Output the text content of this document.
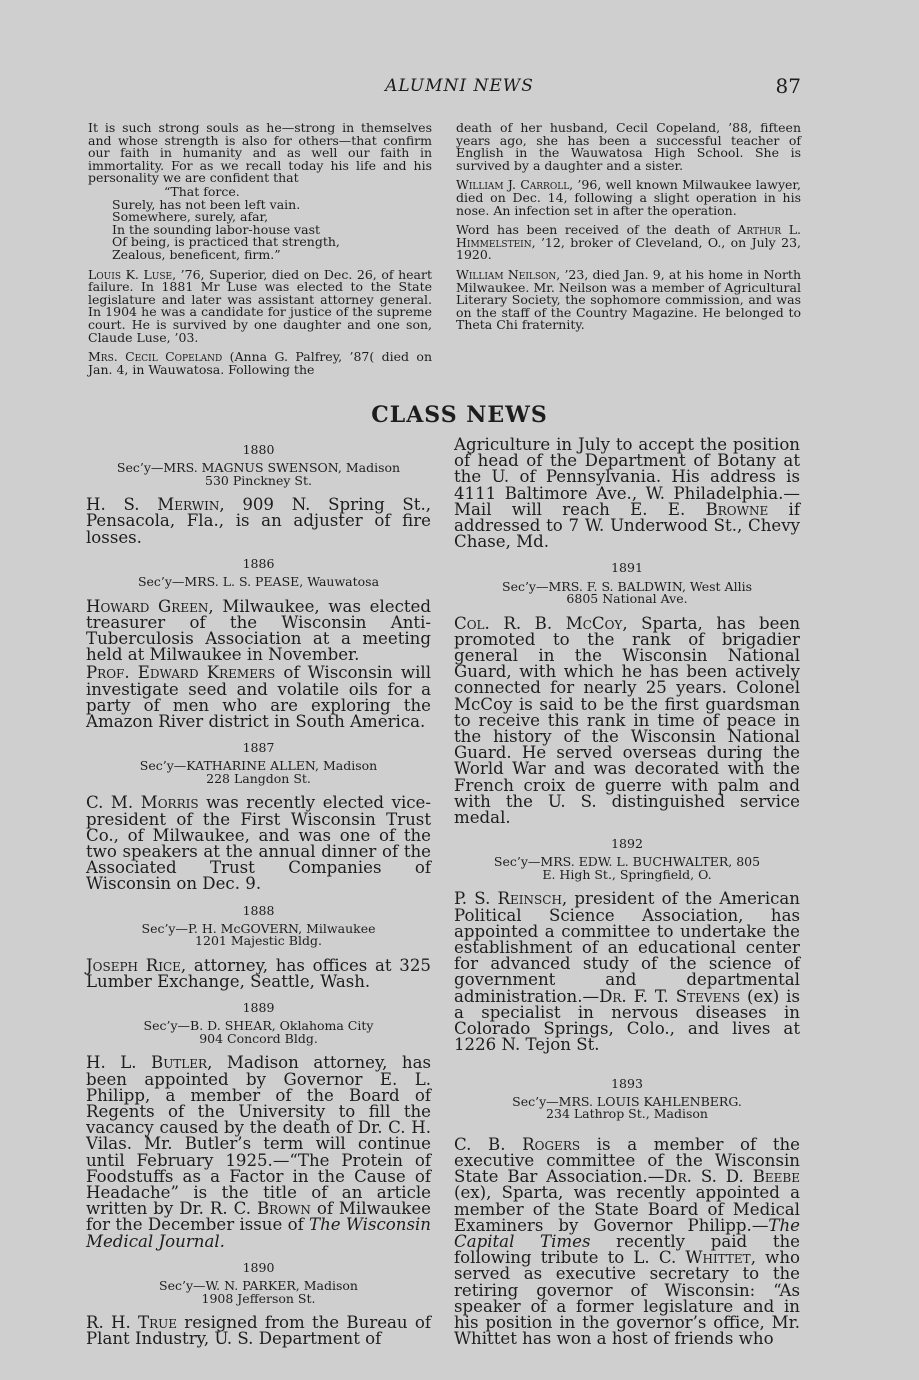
ALUMNI NEWS	87

It is such strong souls as he—strong in themselves and whose strength is also for others—that confirm our faith in humanity and as well our faith in immortality. For as we recall today his life and his personality we are confident that

“That force.
Surely, has not been left vain.
Somewhere, surely, afar,
In the sounding labor-house vast
Of being, is practiced that strength,
Zealous, beneficent, firm.”

Louis K. Luse, ’76, Superior, died on Dec. 26, of heart failure. In 1881 Mr Luse was elected to the State legislature and later was assistant attorney general. In 1904 he was a candidate for justice of the supreme court. He is survived by one daughter and one son, Claude Luse, ’03.

Mrs. Cecil Copeland (Anna G. Palfrey, ’87( died on Jan. 4, in Wauwatosa. Following the

death of her husband, Cecil Copeland, ’88, fifteen years ago, she has been a successful teacher of English in the Wauwatosa High School. She is survived by a daughter and a sister.

William J. Carroll, ’96, well known Milwaukee lawyer, died on Dec. 14, following a slight operation in his nose. An infection set in after the operation.

Word has been received of the death of Arthur L. Himmelstein, ’12, broker of Cleveland, O., on July 23, 1920.

William Neilson, ’23, died Jan. 9, at his home in North Milwaukee. Mr. Neilson was a member of Agricultural Literary Society, the sophomore commission, and was on the staff of the Country Magazine. He belonged to Theta Chi fraternity.

CLASS NEWS
1880
Sec’y—MRS. MAGNUS SWENSON, Madison
530 Pinckney St.

H. S. Merwin, 909 N. Spring St., Pensacola, Fla., is an adjuster of fire losses.

1886
Sec’y—MRS. L. S. PEASE, Wauwatosa

Howard Green, Milwaukee, was elected treasurer of the Wisconsin Anti-Tuberculosis Association at a meeting held at Milwaukee in November.

Prof. Edward Kremers of Wisconsin will investigate seed and volatile oils for a party of men who are exploring the Amazon River district in South America.

1887
Sec’y—KATHARINE ALLEN, Madison
228 Langdon St.

C. M. Morris was recently elected vice-president of the First Wisconsin Trust Co., of Milwaukee, and was one of the two speakers at the annual dinner of the Associated Trust Companies of Wisconsin on Dec. 9.

1888
Sec’y—P. H. McGOVERN, Milwaukee
1201 Majestic Bldg.

Joseph Rice, attorney, has offices at 325 Lumber Exchange, Seattle, Wash.

1889
Sec’y—B. D. SHEAR, Oklahoma City
904 Concord Bldg.

H. L. Butler, Madison attorney, has been appointed by Governor E. L. Philipp, a member of the Board of Regents of the University to fill the vacancy caused by the death of Dr. C. H. Vilas. Mr. Butler’s term will continue until February 1925.—“The Protein of Foodstuffs as a Factor in the Cause of Headache” is the title of an article written by Dr. R. C. Brown of Milwaukee for the December issue of The Wisconsin Medical Journal.

1890
Sec’y—W. N. PARKER, Madison
1908 Jefferson St.

R. H. True resigned from the Bureau of Plant Industry, U. S. Department of

Agriculture in July to accept the position of head of the Department of Botany at the U. of Pennsylvania. His address is 4111 Baltimore Ave., W. Philadelphia.—Mail will reach E. E. Browne if addressed to 7 W. Underwood St., Chevy Chase, Md.

1891
Sec’y—MRS. F. S. BALDWIN, West Allis
6805 National Ave.

Col. R. B. McCoy, Sparta, has been promoted to the rank of brigadier general in the Wisconsin National Guard, with which he has been actively connected for nearly 25 years. Colonel McCoy is said to be the first guardsman to receive this rank in time of peace in the history of the Wisconsin National Guard. He served overseas during the World War and was decorated with the French croix de guerre with palm and with the U. S. distinguished service medal.

1892
Sec’y—MRS. EDW. L. BUCHWALTER, 805
E. High St., Springfield, O.

P. S. Reinsch, president of the American Political Science Association, has appointed a committee to undertake the establishment of an educational center for advanced study of the science of government and departmental administration.—Dr. F. T. Stevens (ex) is a specialist in nervous diseases in Colorado Springs, Colo., and lives at 1226 N. Tejon St.

1893
Sec’y—MRS. LOUIS KAHLENBERG.
234 Lathrop St., Madison

C. B. Rogers is a member of the executive committee of the Wisconsin State Bar Association.—Dr. S. D. Beebe (ex), Sparta, was recently appointed a member of the State Board of Medical Examiners by Governor Philipp.—The Capital Times recently paid the following tribute to L. C. Whittet, who served as executive secretary to the retiring governor of Wisconsin: “As speaker of a former legislature and in his position in the governor’s office, Mr. Whittet has won a host of friends who
